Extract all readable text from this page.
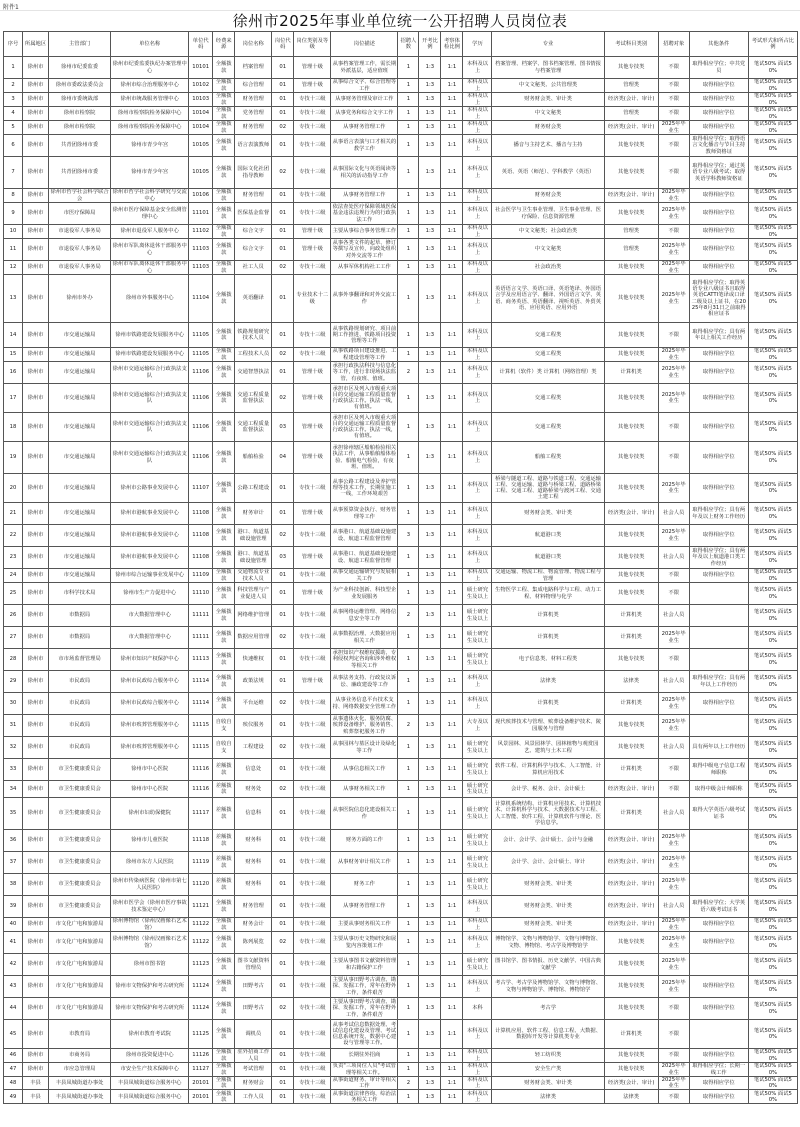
附件1
徐州市2025年事业单位统一公开招聘人员岗位表
序号	所属地区	主管部门	单位名称	单位代码	经费来源	岗位名称	岗位代码	岗位类别及等级	岗位描述	招聘人数	开考比例	考察体检比例	学历	专业	考试科目类别	招聘对象	其他条件	考试形式和所占比例
1	徐州市	徐州市纪委监委	徐州市纪委监委执纪办案管理中心	10101	全额拨款	档案管理	01	管理十级	从事档案管理工作，需长期外派基层，适应值班	1	1:3	1:1	本科及以上	档案管理、档案学、图书档案管理、图书情报与档案管理	其他专技类	不限	取得相应学位；中共党员	笔试50% 面试50%
2	徐州市	徐州市委政法委员会	徐州市综合治理服务中心	10102	全额拨款	综合管理	01	管理十级	从事综合文字、综合管理等工作	1	1:3	1:1	本科及以上	中文文秘类、公共管理类	管理类	不限	取得相应学位	笔试50% 面试50%
3	徐州市	徐州市委统战部	徐州市统战服务管理中心	10103	全额拨款	财务管理	01	专技十三级	从事财务管理及审计工作	1	1:3	1:1	本科及以上	财务财会类、审计类	经济类(会计、审计)	不限	取得相应学位	笔试50% 面试50%
4	徐州市	徐州市检察院	徐州市检察院检务保障中心	10104	全额拨款	党务管理	01	专技十三级	从事党务和综合文字工作	1	1:3	1:1	本科及以上	中文文秘类	管理类	不限	取得相应学位	笔试50% 面试50%
5	徐州市	徐州市检察院	徐州市检察院检务保障中心	10104	全额拨款	财务管理	02	专技十三级	从事财务管理工作	1	1:3	1:1	本科及以上	财务财会类	经济类(会计、审计)	2025年毕业生	取得相应学位	笔试50% 面试50%
6	徐州市	共青团徐州市委	徐州市青少年宫	10105	全额拨款	语言表演教师	01	专技十三级	从事语言表演与口才相关的教学工作	1	1:3	1:1	本科及以上	播音与主持艺术、播音与主持	其他专技类	不限	取得相应学位；取得语言文化播音与节目主持教师资格证	笔试50% 面试50%
7	徐州市	共青团徐州市委	徐州市青少年宫	10105	全额拨款	国际文化社团指导教师	02	专技十三级	从事国际文化与英语阅读等相关的活动指导工作	1	1:3	1:1	本科及以上	英语、英语（师范）、学科教学（英语）	其他专技类	不限	取得相应学位；通过英语专业八级考试；取得英语学科教师资格证	笔试50% 面试50%
8	徐州市	徐州市哲学社会科学联合会	徐州市哲学社会科学研究与交流中心	10106	全额拨款	财务管理	01	专技十三级	从事财务管理工作	1	1:3	1:1	本科及以上	财务财会类	经济类(会计、审计)	2025年毕业生	取得相应学位	笔试50% 面试50%
9	徐州市	市医疗保障局	徐州市医疗保障基金安全监测管理中心	11101	全额拨款	医保基金监督	01	专技十三级	依法查处医疗保障领域医保基金违法违规行为的行政执法工作	1	1:3	1:1	本科及以上	社会医学与卫生事业管理、卫生事业管理、医疗保险、信息资源管理	其他专技类	2025年毕业生	取得相应学位	笔试50% 面试50%
10	徐州市	市退役军人事务局	徐州市退役军人服务中心	11102	全额拨款	综合文字	01	管理十级	主要从事综合事务管理工作	1	1:3	1:1	本科及以上	中文文秘类；社会政治类	管理类	不限	取得相应学位	笔试50% 面试50%
11	徐州市	市退役军人事务局	徐州市军队离休退休干部服务中心	11103	全额拨款	综合文字	01	管理十级	从事各类文件的起草、修订等撰写及宣传，向政处组织对外交流等工作	1	1:3	1:1	本科及以上	中文文秘类	管理类	2025年毕业生	取得相应学位	笔试50% 面试50%
12	徐州市	市退役军人事务局	徐州市军队离休退休干部服务中心	11103	全额拨款	社工人员	02	专技十三级	从事军休机构社工工作	1	1:3	1:1	本科及以上	社会政治类	其他专技类	2025年毕业生	取得相应学位	笔试50% 面试50%
13	徐州市	徐州市外办	徐州市外事服务中心	11104	全额拨款	英语翻译	01	专业技术十二级	从事外事翻译和对外交流工作	1	1:3	1:1	本科及以上	英语语言文学、英语口译、英语笔译、外国语言学及应用语言学、翻译、外国语言文学、英语、商务英语、英语翻译、视听英语、外贸英语、应用英语、应用外语	其他专技类	2025年毕业生	取得相应学位；取得英语专业八级证书且取得英语CATTI笔译或口译二级及以上证书，在2025年8月31日之前取得相应证书	笔试50% 面试50%
14	徐州市	市交通运输局	徐州市铁路建设发展服务中心	11105	全额拨款	铁路规划研究技术人员	01	专技十三级	从事铁路规划研究、项目前期工作推进、铁路项目投资管理等工作	1	1:3	1:1	本科及以上	交通工程类	其他专技类	不限	取得相应学位；具有两年以上相关工作经历	笔试50% 面试50%
15	徐州市	市交通运输局	徐州市铁路建设发展服务中心	11105	全额拨款	工程技术人员	02	专技十三级	从事铁路项目建设推进、工程建设管理等工作	1	1:3	1:1	本科及以上	交通工程类	其他专技类	2025年毕业生	取得相应学位	笔试50% 面试50%
16	徐州市	市交通运输局	徐州市交通运输综合行政执法支队	11106	全额拨款	交通智慧执法	01	管理十级	承担行政执法科技与信息化等工作，进行非现场执法监管，有夜班、值班。	2	1:3	1:1	本科及以上	计算机（软件）类 计算机（网络管理）类	计算机类	2025年毕业生	取得相应学位	笔试50% 面试50%
17	徐州市	市交通运输局	徐州市交通运输综合行政执法支队	11106	全额拨款	交通工程质量监督执法	02	管理十级	承担市区及列入市级重大项目的交通运输工程质量监督行政执法工作。执法一线，有值班。	1	1:3	1:1	本科及以上	交通工程类	其他专技类	2025年毕业生	取得相应学位	笔试50% 面试50%
18	徐州市	市交通运输局	徐州市交通运输综合行政执法支队	11106	全额拨款	交通工程质量监督执法	03	管理十级	承担市区及列入市级重大项目的交通运输工程质量监督行政执法工作。执法一线，有值班。	1	1:3	1:1	本科及以上	交通工程类	其他专技类	不限	取得相应学位	笔试50% 面试50%
19	徐州市	市交通运输局	徐州市交通运输综合行政执法支队	11106	全额拨款	船舶检验	04	管理十级	承担徐州辖区船舶检验相关执法工作，从事船舶船体检验、船舶电气检验，有夜班、值班。	1	1:3	1:1	本科及以上	船舶工程类	其他专技类	不限	取得相应学位	笔试50% 面试50%
20	徐州市	市交通运输局	徐州市公路事业发展中心	11107	全额拨款	公路工程建设	01	专技十三级	从事公路工程建设及养护管理等技术工作，长期驻施工一线，工作环境艰苦	1	1:3	1:1	本科及以上	桥梁与隧道工程、道路与铁道工程、交通运输工程、交通运输、道路与桥梁工程、道路桥梁工程、交通工程、道路桥梁与渡河工程、交通土建工程	其他专技类	2025年毕业生	取得相应学位	笔试50% 面试50%
21	徐州市	市交通运输局	徐州市港航事业发展中心	11108	全额拨款	财务审计	01	管理十级	从事预算资金执行、财务管理等工作	1	1:3	1:1	本科及以上	财务财会类、审计类	经济类(会计、审计)	社会人员	取得相应学位；具有两年及以上财务工作经历	笔试50% 面试50%
22	徐州市	市交通运输局	徐州市港航事业发展中心	11108	全额拨款	港口、航道基础设施管理	02	专技十三级	从事港口、航道基础设施建设、航道工程监督管理	3	1:3	1:1	本科及以上	航道港口类	其他专技类	2025年毕业生	取得相应学位	笔试50% 面试50%
23	徐州市	市交通运输局	徐州市港航事业发展中心	11108	全额拨款	港口、航道基础设施管理	03	管理十级	从事港口、航道基础设施建设、航道工程监督管理	1	1:3	1:1	本科及以上	航道港口类	其他专技类	社会人员	取得相应学位；具有两年及以上航道港口类工作经历	笔试50% 面试50%
24	徐州市	市交通运输局	徐州市综合运输事业发展中心	11109	全额拨款	交通物流专业技术人员	01	专技十三级	从事交通运输研究与发展相关工作	1	1:3	1:1	本科及以上	交通运输、物流工程、物流管理、物流工程与管理	其他专技类	不限	取得相应学位	笔试50% 面试50%
25	徐州市	市科学技术局	徐州市生产力促进中心	11110	全额拨款	科技管理与产业促进人员	01	管理十级	为产业科技创新、科技型企业发展服务	1	1:3	1:1	硕士研究生及以上	生物医学工程、集成电路科学与工程、动力工程、材料物理与化学	其他专技类	不限		笔试50% 面试50%
26	徐州市	市数据局	市大数据管理中心	11111	全额拨款	网络维护管理	01	专技十三级	从事网络运维管理、网络信息安全等工作	2	1:3	1:1	硕士研究生及以上	计算机类	计算机类	社会人员		笔试50% 面试50%
27	徐州市	市数据局	市大数据管理中心	11111	全额拨款	数据应用管理	02	专技十三级	从事数据治理、大数据应用相关工作	1	1:3	1:1	硕士研究生及以上	计算机类	计算机类	2025年毕业生		笔试50% 面试50%
28	徐州市	市市场监督管理局	徐州市知识产权保护中心	11113	全额拨款	快速维权	01	专技十三级	承担知识产权维权援助、专利侵权判定咨询和涉外维权等相关工作	1	1:3	1:1	硕士研究生及以上	电子信息类、材料工程类	其他专技类	不限		笔试50% 面试50%
29	徐州市	市民政局	徐州市民政综合服务中心	11114	全额拨款	政策法规	01	管理十级	从事法务支持、行政复议诉讼、廉政建设等工作	1	1:3	1:1	本科及以上	法律类	法律类	社会人员	取得相应学位；具有两年以上工作经历	笔试50% 面试50%
30	徐州市	市民政局	徐州市民政综合服务中心	11114	全额拨款	平台运维	02	专技十三级	从事业务信息平台技术支持、网络数据安全管理工作	1	1:3	1:1	本科及以上	计算机类	计算机类	2025年毕业生	取得相应学位	笔试50% 面试50%
31	徐州市	市民政局	徐州市殡葬管理服务中心	11115	自收自支	殡仪服务	01	专技十三级	从事遗体火化、服务防腐、殡葬设备维护、服务销售、殡葬祭祀服务工作	2	1:3	1:1	大专及以上	现代殡葬技术与管理、殡葬设备维护技术、陵园服务与管理	其他专技类	2025年毕业生		笔试50% 面试50%
32	徐州市	市民政局	徐州市殡葬管理服务中心	11115	自收自支	工程建设	02	专技十三级	从事园林与墓区设计及绿化等工作	1	1:3	1:1	硕士研究生及以上	风景园林、风景园林学、园林植物与观赏园艺、建筑与土木工程	其他专技类	社会人员	具有两年以上工作经历	笔试50% 面试50%
33	徐州市	市卫生健康委员会	徐州市中心医院	11116	差额拨款	信息处	01	专技十三级	从事信息相关工作	1	1:3	1:1	硕士研究生及以上	软件工程、计算机科学与技术、人工智能、计算机应用技术	计算机类	不限	取得中级电子信息工程师职称	笔试50% 面试50%
34	徐州市	市卫生健康委员会	徐州市中心医院	11116	差额拨款	财务处	02	专技十三级	从事财务相关工作	1	1:3	1:1	硕士研究生及以上	会计学、税务、会计、会计硕士	经济类(会计、审计)	不限	取得中级会计师职称	笔试50% 面试50%
35	徐州市	市卫生健康委员会	徐州市妇幼保健院	11117	差额拨款	信息科	01	专技十三级	从事医院信息化建设相关工作	1	1:3	1:1	硕士研究生及以上	计算机系统结构、计算机应用技术、计算机技术、计算机科学与技术、大数据技术与工程、人工智能、软件工程、计算机软件与理论、医学信息学。	计算机类	社会人员	取得大学英语六级考试证书	笔试50% 面试50%
36	徐州市	市卫生健康委员会	徐州市儿童医院	11118	差额拨款	财务科	01	专技十三级	财务方面的工作	1	1:3	1:1	硕士研究生及以上	会计、会计学、会计硕士、会计与金融	经济类(会计、审计)	2025年毕业生		笔试50% 面试50%
37	徐州市	市卫生健康委员会	徐州市东方人民医院	11119	差额拨款	财务科	01	专技十三级	从事财务审计相关工作	1	1:3	1:1	硕士研究生及以上	会计学、会计、会计硕士、审计	经济类(会计、审计)	2025年毕业生		笔试50% 面试50%
38	徐州市	市卫生健康委员会	徐州市传染病医院（徐州市第七人民医院）	11120	差额拨款	财务科	01	专技十三级	财务工作	1	1:3	1:1	硕士研究生及以上	财务财会类、审计类	经济类(会计、审计)	2025年毕业生		笔试50% 面试50%
39	徐州市	市卫生健康委员会	徐州市医学会（徐州市医疗事故技术鉴定中心）	11121	全额拨款	财务管理	01	专技十三级	从事财务管理工作	1	1:3	1:1	本科及以上	财务财会类、审计类	经济类(会计、审计)	社会人员	取得相应学位；大学英语六级考试证书	笔试50% 面试50%
40	徐州市	市文化广电和旅游局	徐州博物馆（徐州汉画像石艺术馆）	11122	全额拨款	财务会计	01	专技十三级	主要从事财务相关工作	1	1:3	1:1	本科及以上	财务财会类、审计类	经济类(会计、审计)	2025年毕业生	取得相应学位	笔试50% 面试50%
41	徐州市	市文化广电和旅游局	徐州博物馆（徐州汉画像石艺术馆）	11122	全额拨款	陈列展览	02	专技十三级	主要从事历史文物研究和展览内容策划工作	1	1:3	1:1	本科及以上	博物馆学、文物与博物馆学、文物与博物馆、文物、博物馆、考古学及博物馆学	其他专技类	2025年毕业生	取得相应学位	笔试50% 面试50%
42	徐州市	市文化广电和旅游局	徐州市图书馆	11123	全额拨款	图书文献资料管理员	01	专技十三级	主要从事图书文献资料管理和古籍保护工作	1	1:3	1:1	硕士研究生及以上	图书馆学、图书情报、历史文献学、中国古典文献学	其他专技类	2025年毕业生		笔试50% 面试50%
43	徐州市	市文化广电和旅游局	徐州市文物保护和考古研究所	11124	全额拨款	田野考古	01	专技十三级	主要从事田野考古调查、勘探、发掘工作，常年在野外工作，条件艰苦	1	1:3	1:1	本科及以上	考古学、考古学及博物馆学、文物与博物馆、文物与博物馆学、博物馆、博物馆学	其他专技类	2025年毕业生	取得相应学位	笔试50% 面试50%
44	徐州市	市文化广电和旅游局	徐州市文物保护和考古研究所	11124	全额拨款	田野考古	02	专技十三级	主要从事田野考古调查、勘探、发掘工作，常年在野外工作，条件艰苦	1	1:3	1:1	本科	考古学	其他专技类	不限	取得相应学位	笔试50% 面试50%
45	徐州市	市教育局	徐州市教育考试院	11125	全额拨款	调机员	01	专技十三级	从事考试信息数据处理、考试信息化建设及管理、考试信息系统开发、数据中心建设与管理等工作。	1	1:3	1:1	本科及以上	计算机应用、软件工程、信息工程、大数据、数据库开发等计算机类专业	计算机类	不限		笔试50% 面试50%
46	徐州市	市商务局	徐州市投资促进中心	11126	全额拨款	驻外招商工作人员	01	专技十三级	长期驻外招商	1	1:3	1:1	本科及以上	轻工纺织类	其他专技类	不限	取得相应学位	笔试50% 面试50%
47	徐州市	市应急管理局	市安全生产技术保障中心	11127	全额拨款	考试管理	01	专技十三级	负责"三项岗位人员"考试管理等相关工作。	1	1:3	1:1	本科及以上	安全生产类	其他专技类	2025年毕业生	取得相应学位；长期一线工作	笔试50% 面试50%
48	丰县	丰县凤城街道办事处	丰县凤城街道综合服务中心	20101	全额拨款	财务财会	01	专技十三级	从事街道财务、审计等相关工作	2	1:3	1:1	本科及以上	财务财会类、审计类	经济类(会计、审计)	2025年毕业生	取得相应学位	笔试50% 面试50%
49	丰县	丰县凤城街道办事处	丰县凤城街道综合服务中心	20101	全额拨款	工作人员	01	专技十三级	从事街道法律咨询、综治法务相关工作	1	1:3	1:1	本科及以上	法律类	法律类	不限	取得相应学位	笔试50% 面试50%
